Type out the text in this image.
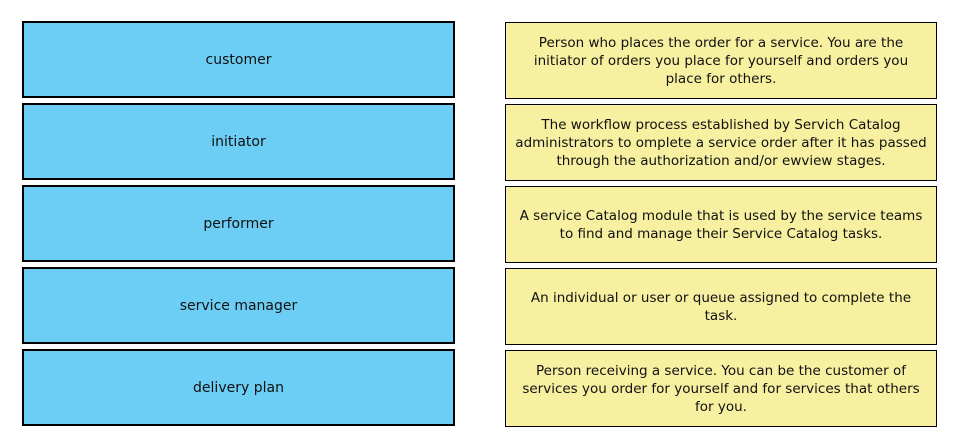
customer
initiator
performer
service manager
delivery plan
Person who places the order for a service. You are the initiator of orders you place for yourself and orders you place for others.
The workflow process established by Servich Catalog administrators to omplete a service order after it has passed through the authorization and/or ewview stages.
A service Catalog module that is used by the service teams to find and manage their Service Catalog tasks.
An individual or user or queue assigned to complete the task.
Person receiving a service. You can be the customer of services you order for yourself and for services that others for you.
